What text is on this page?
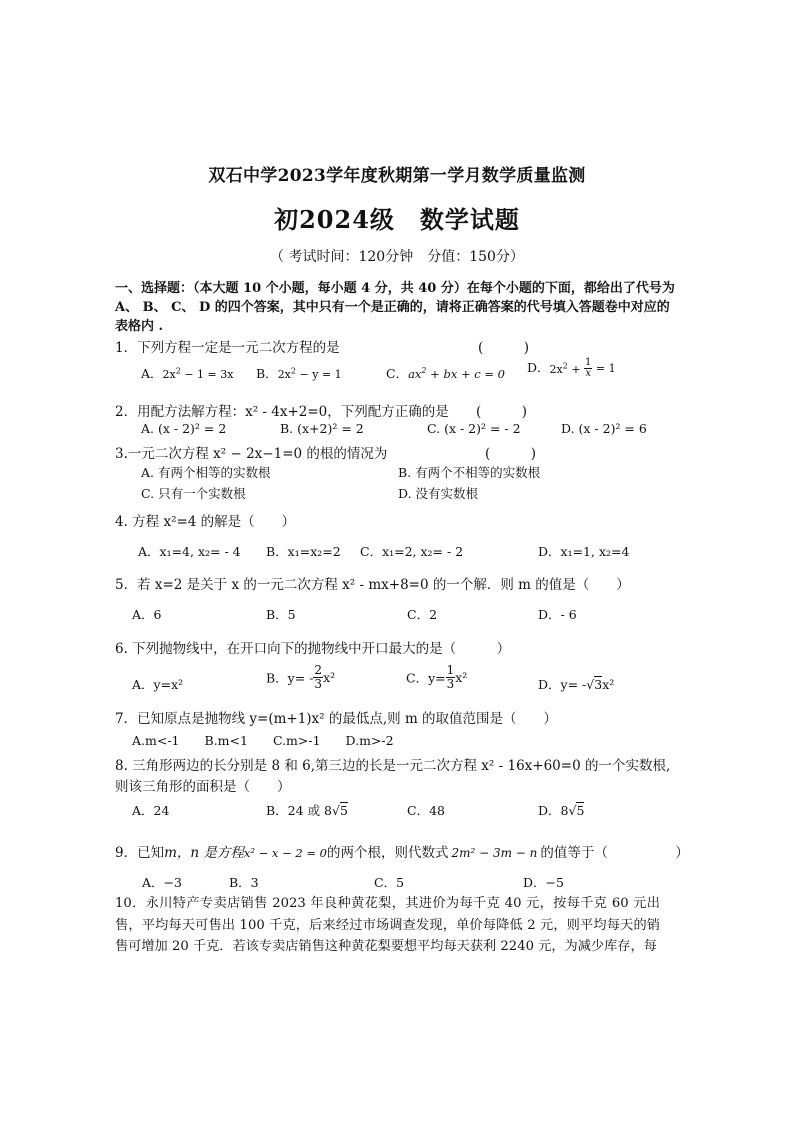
双石中学2023学年度秋期第一学月数学质量监测
初2024级　数学试题
（ 考试时间：120分钟　分值：150分）
一、选择题：（本大题 10 个小题，每小题 4 分，共 40 分）在每个小题的下面，都给出了代号为 A、 B、 C、 D 的四个答案，其中只有一个是正确的，请将正确答案的代号填入答题卷中对应的表格内 .
1．下列方程一定是一元二次方程的是	(　　　)
A．$2x^2 - 1 = 3x$ B．$2x^2 - y = 1$	C．$ax^2$ + bx + c = 0 D．$2x^2 + \frac{1}{x} = 1$
2．用配方法解方程：x² - 4x+2=0，下列配方正确的是 (　　　)
A. (x - 2)² = 2	B. (x+2)² = 2	C. (x - 2)² = - 2	D. (x - 2)² = 6
3.一元二次方程 x² − 2x−1=0 的根的情况为	(　　　)
A. 有两个相等的实数根	B. 有两个不相等的实数根
C. 只有一个实数根	D. 没有实数根
4. 方程 x²=4 的解是（　　）
A．x₁=4, x₂= - 4 B．x₁=x₂=2 C．x₁=2, x₂= - 2	D．x₁=1, x₂=4
5．若 x=2 是关于 x 的一元二次方程 x² - mx+8=0 的一个解．则 m 的值是（　　）
A．6	B．5	C．2	D．- 6
6. 下列抛物线中，在开口向下的抛物线中开口最大的是（　　　）
A．y=x²	B．$y= - \frac{2}{3} x^2$	C．$y= \frac{1}{3} x^2$	D．y= -√3x²
7．已知原点是抛物线 y=(m+1)x² 的最低点,则 m 的取值范围是（　　）
A.m<-1　　B.m<1　　C.m>-1　　D.m>-2
8. 三角形两边的长分别是 8 和 6,第三边的长是一元二次方程 x² - 16x+60=0 的一个实数根,
则该三角形的面积是（　　）
A．24	B．24 或 8√5	C．48	D．8√5
9．已知m，n 是方程x² − x − 2 = 0的两个根，则代数式 2m² − 3m − n 的值等于（　　　　　）
A．−3	B．3	C．5	D．−5
10．永川特产专卖店销售 2023 年良种黄花梨，其进价为每千克 40 元，按每千克 60 元出售，平均每天可售出 100 千克，后来经过市场调查发现，单价每降低 2 元，则平均每天的销售可增加 20 千克．若该专卖店销售这种黄花梨要想平均每天获利 2240 元，为减少库存，每
